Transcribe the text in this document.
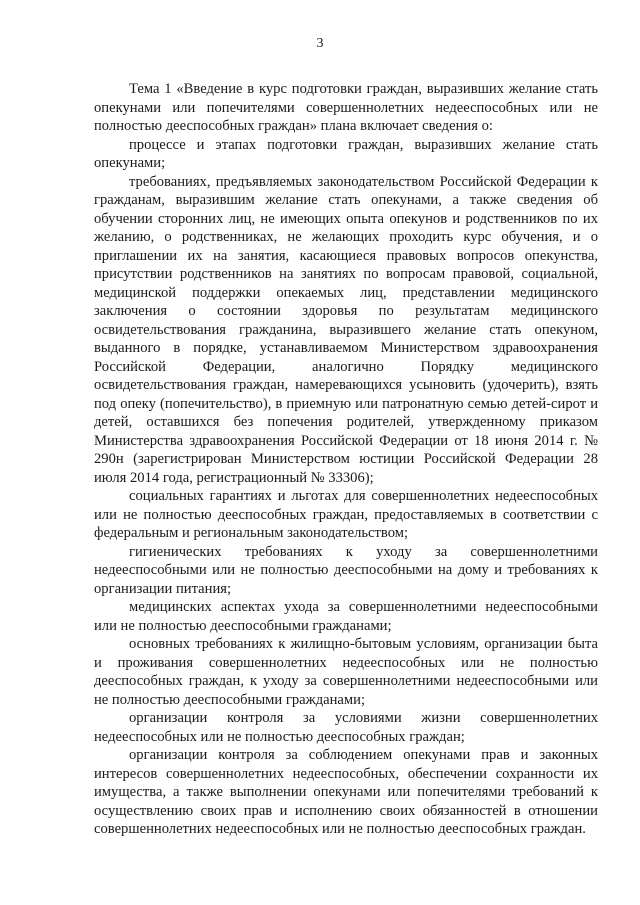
3

Тема 1 «Введение в курс подготовки граждан, выразивших желание стать опекунами или попечителями совершеннолетних недееспособных или не полностью дееспособных граждан» плана включает сведения о:

процессе и этапах подготовки граждан, выразивших желание стать опекунами;

требованиях, предъявляемых законодательством Российской Федерации к гражданам, выразившим желание стать опекунами, а также сведения об обучении сторонних лиц, не имеющих опыта опекунов и родственников по их желанию, о родственниках, не желающих проходить курс обучения, и о приглашении их на занятия, касающиеся правовых вопросов опекунства, присутствии родственников на занятиях по вопросам правовой, социальной, медицинской поддержки опекаемых лиц, представлении медицинского заключения о состоянии здоровья по результатам медицинского освидетельствования гражданина, выразившего желание стать опекуном, выданного в порядке, устанавливаемом Министерством здравоохранения Российской Федерации, аналогично Порядку медицинского освидетельствования граждан, намеревающихся усыновить (удочерить), взять под опеку (попечительство), в приемную или патронатную семью детей-сирот и детей, оставшихся без попечения родителей, утвержденному приказом Министерства здравоохранения Российской Федерации от 18 июня 2014 г. № 290н (зарегистрирован Министерством юстиции Российской Федерации 28 июля 2014 года, регистрационный № 33306);

социальных гарантиях и льготах для совершеннолетних недееспособных или не полностью дееспособных граждан, предоставляемых в соответствии с федеральным и региональным законодательством;

гигиенических требованиях к уходу за совершеннолетними недееспособными или не полностью дееспособными на дому и требованиях к организации питания;

медицинских аспектах ухода за совершеннолетними недееспособными или не полностью дееспособными гражданами;

основных требованиях к жилищно-бытовым условиям, организации быта и проживания совершеннолетних недееспособных или не полностью дееспособных граждан, к уходу за совершеннолетними недееспособными или не полностью дееспособными гражданами;

организации контроля за условиями жизни совершеннолетних недееспособных или не полностью дееспособных граждан;

организации контроля за соблюдением опекунами прав и законных интересов совершеннолетних недееспособных, обеспечении сохранности их имущества, а также выполнении опекунами или попечителями требований к осуществлению своих прав и исполнению своих обязанностей в отношении совершеннолетних недееспособных или не полностью дееспособных граждан.
